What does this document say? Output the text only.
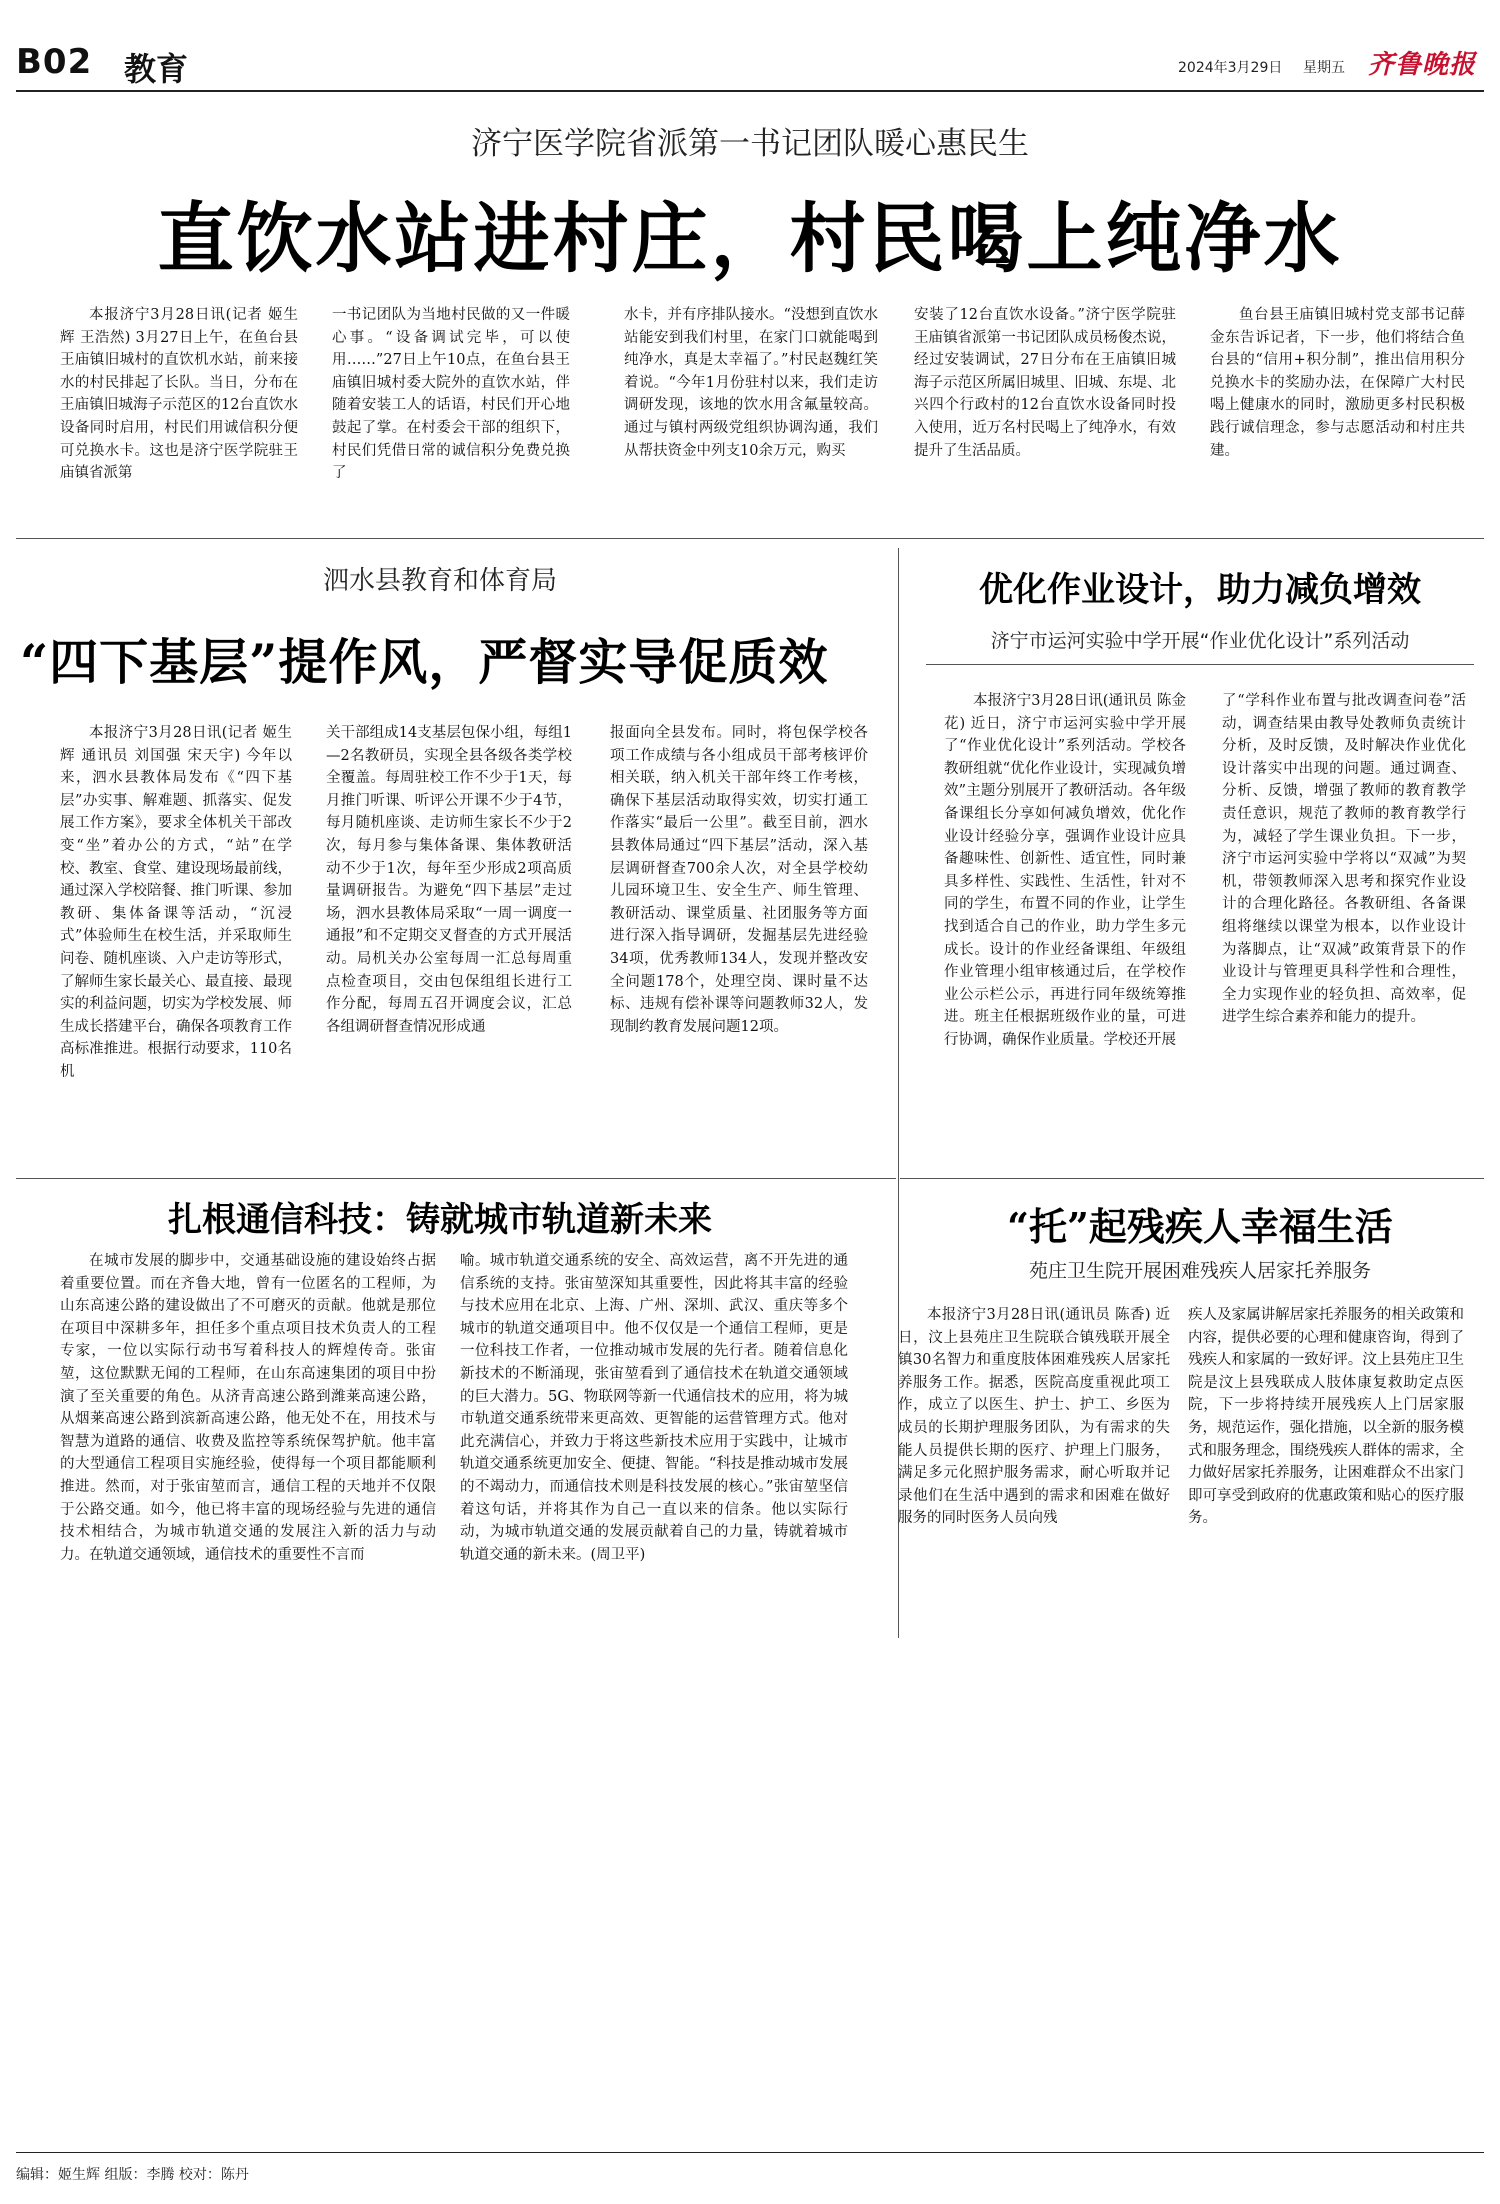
B02 教育	2024年3月29日 星期五 齐鲁晚报
济宁医学院省派第一书记团队暖心惠民生
直饮水站进村庄，村民喝上纯净水
本报济宁3月28日讯(记者 姬生辉 王浩然) 3月27日上午，在鱼台县王庙镇旧城村的直饮机水站，前来接水的村民排起了长队。当日，分布在王庙镇旧城海子示范区的12台直饮水设备同时启用，村民们用诚信积分便可兑换水卡。这也是济宁医学院驻王庙镇省派第
一书记团队为当地村民做的又一件暖心事。“设备调试完毕，可以使用……”27日上午10点，在鱼台县王庙镇旧城村委大院外的直饮水站，伴随着安装工人的话语，村民们开心地鼓起了掌。在村委会干部的组织下，村民们凭借日常的诚信积分免费兑换了
水卡，并有序排队接水。“没想到直饮水站能安到我们村里，在家门口就能喝到纯净水，真是太幸福了。”村民赵魏红笑着说。“今年1月份驻村以来，我们走访调研发现，该地的饮水用含氟量较高。通过与镇村两级党组织协调沟通，我们从帮扶资金中列支10余万元，购买
安装了12台直饮水设备。”济宁医学院驻王庙镇省派第一书记团队成员杨俊杰说，经过安装调试，27日分布在王庙镇旧城海子示范区所属旧城里、旧城、东堤、北兴四个行政村的12台直饮水设备同时投入使用，近万名村民喝上了纯净水，有效提升了生活品质。
鱼台县王庙镇旧城村党支部书记薛金东告诉记者，下一步，他们将结合鱼台县的“信用+积分制”，推出信用积分兑换水卡的奖励办法，在保障广大村民喝上健康水的同时，激励更多村民积极践行诚信理念，参与志愿活动和村庄共建。
泗水县教育和体育局
“四下基层”提作风，严督实导促质效
本报济宁3月28日讯(记者 姬生辉 通讯员 刘国强 宋天宇) 今年以来，泗水县教体局发布《“四下基层”办实事、解难题、抓落实、促发展工作方案》，要求全体机关干部改变“坐”着办公的方式，“站”在学校、教室、食堂、建设现场最前线，通过深入学校陪餐、推门听课、参加教研、集体备课等活动，“沉浸式”体验师生在校生活，并采取师生问卷、随机座谈、入户走访等形式，了解师生家长最关心、最直接、最现实的利益问题，切实为学校发展、师生成长搭建平台，确保各项教育工作高标准推进。根据行动要求，110名机
关干部组成14支基层包保小组，每组1—2名教研员，实现全县各级各类学校全覆盖。每周驻校工作不少于1天，每月推门听课、听评公开课不少于4节，每月随机座谈、走访师生家长不少于2次，每月参与集体备课、集体教研活动不少于1次，每年至少形成2项高质量调研报告。为避免“四下基层”走过场，泗水县教体局采取“一周一调度一通报”和不定期交叉督查的方式开展活动。局机关办公室每周一汇总每周重点检查项目，交由包保组组长进行工作分配，每周五召开调度会议，汇总各组调研督查情况形成通
报面向全县发布。同时，将包保学校各项工作成绩与各小组成员干部考核评价相关联，纳入机关干部年终工作考核，确保下基层活动取得实效，切实打通工作落实“最后一公里”。截至目前，泗水县教体局通过“四下基层”活动，深入基层调研督查700余人次，对全县学校幼儿园环境卫生、安全生产、师生管理、教研活动、课堂质量、社团服务等方面进行深入指导调研，发掘基层先进经验34项，优秀教师134人，发现并整改安全问题178个，处理空岗、课时量不达标、违规有偿补课等问题教师32人，发现制约教育发展问题12项。
优化作业设计，助力减负增效
济宁市运河实验中学开展“作业优化设计”系列活动
本报济宁3月28日讯(通讯员 陈金花) 近日，济宁市运河实验中学开展了“作业优化设计”系列活动。学校各教研组就“优化作业设计，实现减负增效”主题分别展开了教研活动。各年级备课组长分享如何减负增效，优化作业设计经验分享，强调作业设计应具备趣味性、创新性、适宜性，同时兼具多样性、实践性、生活性，针对不同的学生，布置不同的作业，让学生找到适合自己的作业，助力学生多元成长。设计的作业经备课组、年级组作业管理小组审核通过后，在学校作业公示栏公示，再进行同年级统筹推进。班主任根据班级作业的量，可进行协调，确保作业质量。学校还开展
了“学科作业布置与批改调查问卷”活动，调查结果由教导处教师负责统计分析，及时反馈，及时解决作业优化设计落实中出现的问题。通过调查、分析、反馈，增强了教师的教育教学责任意识，规范了教师的教育教学行为，减轻了学生课业负担。下一步，济宁市运河实验中学将以“双减”为契机，带领教师深入思考和探究作业设计的合理化路径。各教研组、各备课组将继续以课堂为根本，以作业设计为落脚点，让“双减”政策背景下的作业设计与管理更具科学性和合理性，全力实现作业的轻负担、高效率，促进学生综合素养和能力的提升。
扎根通信科技：铸就城市轨道新未来
在城市发展的脚步中，交通基础设施的建设始终占据着重要位置。而在齐鲁大地，曾有一位匿名的工程师，为山东高速公路的建设做出了不可磨灭的贡献。他就是那位在项目中深耕多年，担任多个重点项目技术负责人的工程专家，一位以实际行动书写着科技人的辉煌传奇。张宙堃，这位默默无闻的工程师，在山东高速集团的项目中扮演了至关重要的角色。从济青高速公路到潍莱高速公路，从烟莱高速公路到滨新高速公路，他无处不在，用技术与智慧为道路的通信、收费及监控等系统保驾护航。他丰富的大型通信工程项目实施经验，使得每一个项目都能顺利推进。然而，对于张宙堃而言，通信工程的天地并不仅限于公路交通。如今，他已将丰富的现场经验与先进的通信技术相结合，为城市轨道交通的发展注入新的活力与动力。在轨道交通领域，通信技术的重要性不言而
喻。城市轨道交通系统的安全、高效运营，离不开先进的通信系统的支持。张宙堃深知其重要性，因此将其丰富的经验与技术应用在北京、上海、广州、深圳、武汉、重庆等多个城市的轨道交通项目中。他不仅仅是一个通信工程师，更是一位科技工作者，一位推动城市发展的先行者。随着信息化新技术的不断涌现，张宙堃看到了通信技术在轨道交通领域的巨大潜力。5G、物联网等新一代通信技术的应用，将为城市轨道交通系统带来更高效、更智能的运营管理方式。他对此充满信心，并致力于将这些新技术应用于实践中，让城市轨道交通系统更加安全、便捷、智能。“科技是推动城市发展的不竭动力，而通信技术则是科技发展的核心。”张宙堃坚信着这句话，并将其作为自己一直以来的信条。他以实际行动，为城市轨道交通的发展贡献着自己的力量，铸就着城市轨道交通的新未来。(周卫平)
“托”起残疾人幸福生活
苑庄卫生院开展困难残疾人居家托养服务
本报济宁3月28日讯(通讯员 陈香) 近日，汶上县苑庄卫生院联合镇残联开展全镇30名智力和重度肢体困难残疾人居家托养服务工作。据悉，医院高度重视此项工作，成立了以医生、护士、护工、乡医为成员的长期护理服务团队，为有需求的失能人员提供长期的医疗、护理上门服务，满足多元化照护服务需求，耐心听取并记录他们在生活中遇到的需求和困难在做好服务的同时医务人员向残
疾人及家属讲解居家托养服务的相关政策和内容，提供必要的心理和健康咨询，得到了残疾人和家属的一致好评。汶上县苑庄卫生院是汶上县残联成人肢体康复救助定点医院，下一步将持续开展残疾人上门居家服务，规范运作，强化措施，以全新的服务模式和服务理念，围绕残疾人群体的需求，全力做好居家托养服务，让困难群众不出家门即可享受到政府的优惠政策和贴心的医疗服务。
编辑：姬生辉 组版：李腾 校对：陈丹
